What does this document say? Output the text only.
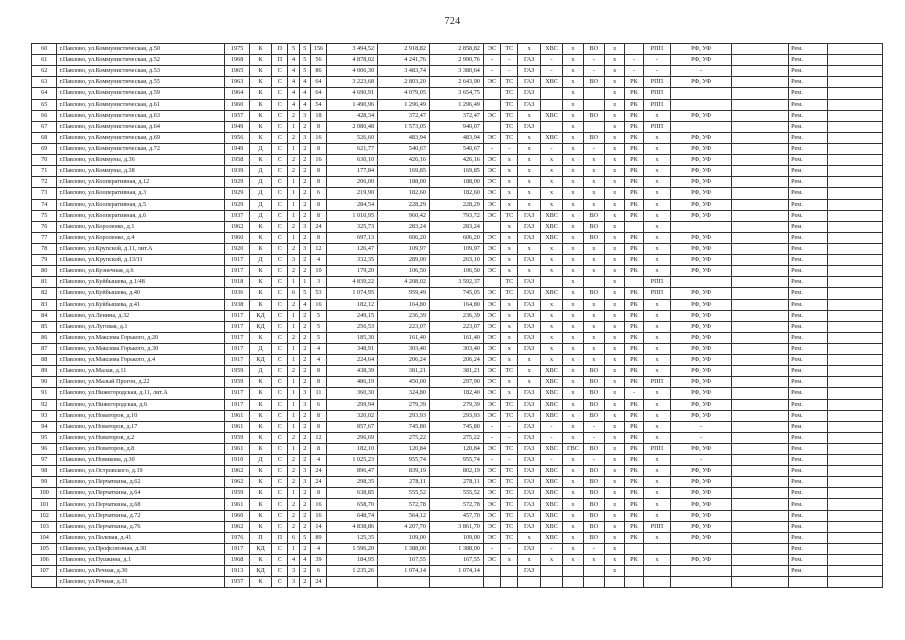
724
60	г.Павлово, ул.Коммунистическая, д.50	1975	К	П	5	5	156	3 494,52	2 918,82	2 858,82	ЭС	ТС	х	ХВС	х	ВО	х		РПП	РФ, УФ		Рем.	
61	г.Павлово, ул.Коммунистическая, д.52	1968	К	П	4	5	56	4 878,02	4 241,76	2 990,76	-	-	ГАЗ	-	х	-	х	-	-	РФ, УФ		Рем.	
62	г.Павлово, ул.Коммунистическая, д.53	1965	К	С	4	5	86	4 006,30	3 483,74	3 380,64	-	-	ГАЗ	-	х	-	х	-	-	-		Рем.	
63	г.Павлово, ул.Коммунистическая, д.55	1963	К	С	4	4	64	3 223,68	2 803,20	2 643,90	ЭС	ТС	ГАЗ	ХВС	х	ВО	х	РК	РПП	РФ, УФ		Рем.	
64	г.Павлово, ул.Коммунистическая, д.59	1964	К	С	4	4	64	4 690,91	4 079,05	3 654,75		ТС	ГАЗ		х		х	РК	РПП			Рем.	
65	г.Павлово, ул.Коммунистическая, д.61	1960	К	С	4	4	54	1 490,96	1 296,49	1 296,49		ТС	ГАЗ		х		х	РК	РПП			Рем.	
66	г.Павлово, ул.Коммунистическая, д.63	1957	К	С	2	3	18	428,34	372,47	372,47	ЭС	ТС	х	ХВС	х	ВО	х	РК	х	РФ, УФ		Рем.	
67	г.Павлово, ул.Коммунистическая, д.64	1949	К	С	1	2	8	2 080,48	1 573,05	940,07		ТС	ГАЗ		х		х	РК	РПП			Рем.	
68	г.Павлово, ул.Коммунистическая, д.69	1956	К	С	2	3	16	526,60	483,94	483,94	ЭС	ТС	х	ХВС	х	ВО	х	РК	х	РФ, УФ		Рем.	
69	г.Павлово, ул.Коммунистическая, д.72	1949	Д	С	1	2	8	621,77	540,67	540,67	-	-	х	-	х	-	х	РК	х	РФ, УФ		Рем.	
70	г.Павлово, ул.Коммуны, д.36	1958	К	С	2	2	16	630,10	426,16	426,16	ЭС	х	х	х	х	х	х	РК	х	РФ, УФ		Рем.	
71	г.Павлово, ул.Коммуны, д.38	1939	Д	С	2	2	8	177,84	169,85	169,85	ЭС	х	х	х	х	х	х	РК	х	РФ, УФ		Рем.	
72	г.Павлово, ул.Кооперативная, д.12	1929	Д	С	1	2	8	206,00	188,00	188,00	ЭС	х	х	х	х	х	х	РК	х	РФ, УФ		Рем.	
73	г.Павлово, ул.Кооперативная, д.3	1929	Д	С	1	2	6	219,90	182,60	182,60	ЭС	х	х	х	х	х	х	РК	х	РФ, УФ		Рем.	
74	г.Павлово, ул.Кооперативная, д.5	1929	Д	С	1	2	8	284,54	228,29	228,29	ЭС	х	х	х	х	х	х	РК	х	РФ, УФ		Рем.	
75	г.Павлово, ул.Кооперативная, д.6	1937	Д	С	1	2	8	1 010,95	960,42	793,72	ЭС	ТС	ГАЗ	ХВС	х	ВО	х	РК	х	РФ, УФ		Рем.	
76	г.Павлово, ул.Короленко, д.1	1962	К	С	2	3	24	325,73	283,24	283,24		х	ГАЗ	ХВС	х	ВО	х		х			Рем.	
77	г.Павлово, ул.Короленко, д.4	1960	К	С	1	2	8	697,13	606,20	606,20	ЭС	х	ГАЗ	ХВС	х	ВО	х	РК	х	РФ, УФ		Рем.	
78	г.Павлово, ул.Крупской, д.11, лит.А	1920	К	С	2	3	12	126,47	109,97	109,97	ЭС	х	х	х	х	х	х	РК	х	РФ, УФ		Рем.	
79	г.Павлово, ул.Крупской, д.13/11	1917	Д	С	3	2	4	332,35	289,00	263,10	ЭС	х	ГАЗ	х	х	х	х	РК	х	РФ, УФ		Рем.	
80	г.Павлово, ул.Кузнечная, д.6	1917	К	С	2	2	10	179,20	106,50	106,50	ЭС	х	х	х	х	х	х	РК	х	РФ, УФ		Рем.	
81	г.Павлово, ул.Куйбышева, д.1/48	1918	К	С	1	1	3	4 839,22	4 208,02	3 592,37		ТС	ГАЗ		х		х		РПП			Рем.	
82	г.Павлово, ул.Куйбышева, д.40	1936	К	С	6	5	53	1 074,95	959,49	745,05	ЭС	ТС	ГАЗ	ХВС	х	ВО	х	РК	РПП	РФ, УФ		Рем.	
83	г.Павлово, ул.Куйбышева, д.41	1938	К	С	2	4	16	182,12	164,80	164,80	ЭС	х	ГАЗ	х	х	х	х	РК	х	РФ, УФ		Рем.	
84	г.Павлово, ул.Ленина, д.32	1917	КД	С	1	2	5	249,15	236,39	236,39	ЭС	х	ГАЗ	х	х	х	х	РК	х	РФ, УФ		Рем.	
85	г.Павлово, ул.Луговая, д.1	1917	КД	С	1	2	5	256,53	223,07	223,07	ЭС	х	ГАЗ	х	х	х	х	РК	х	РФ, УФ		Рем.	
86	г.Павлово, ул.Максима Горького, д.20	1917	К	С	2	2	5	185,30	161,40	161,40	ЭС	х	ГАЗ	х	х	х	х	РК	х	РФ, УФ		Рем.	
87	г.Павлово, ул.Максима Горького, д.30	1917	Д	С	1	2	4	348,91	303,40	303,40	ЭС	х	ГАЗ	х	х	х	х	РК	х	РФ, УФ		Рем.	
88	г.Павлово, ул.Максима Горького, д.4	1917	КД	С	1	2	4	224,64	206,24	206,24	ЭС	х	х	х	х	х	х	РК	х	РФ, УФ		Рем.	
89	г.Павлово, ул.Малая, д.11	1959	Д	С	2	2	8	438,39	381,21	381,21	ЭС	ТС	х	ХВС	х	ВО	х	РК	х	РФ, УФ		Рем.	
90	г.Павлово, ул.Малый Прогон, д.22	1959	К	С	1	2	8	486,19	450,00	297,90	ЭС	х	х	ХВС	х	ВО	х	РК	РПП	РФ, УФ		Рем.	
91	г.Павлово, ул.Нижегородская, д.11, лит.А	1917	К	С	1	3	11	360,30	324,80	182,40	ЭС	х	ГАЗ	ХВС	х	ВО	х	-	х	РФ, УФ		Рем.	
92	г.Павлово, ул.Нижегородская, д.6	1917	К	С	1	3	6	299,94	279,39	279,39	ЭС	ТС	ГАЗ	ХВС	х	ВО	х	РК	х	РФ, УФ		Рем.	
93	г.Павлово, ул.Новаторов, д.10	1961	К	С	1	2	8	320,02	293,93	293,93	ЭС	ТС	ГАЗ	ХВС	х	ВО	х	РК	х	РФ, УФ		Рем.	
94	г.Павлово, ул.Новаторов, д.17	1961	К	С	1	2	8	857,67	745,80	745,80	-	-	ГАЗ	-	х	-	х	РК	х	-		Рем.	
95	г.Павлово, ул.Новаторов, д.2	1959	К	С	2	2	12	296,69	275,22	275,22	-	-	ГАЗ	-	х	-	х	РК	х	-		Рем.	
96	г.Павлово, ул.Новаторов, д.8	1961	К	С	1	2	8	182,10	120,84	120,84	ЭС	ТС	ГАЗ	ХВС	ГВС	ВО	х	РК	РПП	РФ, УФ		Рем.	
97	г.Павлово, ул.Новикова, д.30	1910	Д	С	2	2	4	1 025,23	955,74	955,74	-	-	ГАЗ	-	х	-	х	РК	х	-		Рем.	
98	г.Павлово, ул.Островского, д.19	1962	К	С	2	3	24	896,47	839,19	802,19	ЭС	ТС	ГАЗ	ХВС	х	ВО	х	РК	х	РФ, УФ		Рем.	
99	г.Павлово, ул.Перчаткина, д.62	1962	К	С	2	3	24	298,35	278,11	278,11	ЭС	ТС	ГАЗ	ХВС	х	ВО	х	РК	х	РФ, УФ		Рем.	
100	г.Павлово, ул.Перчаткина, д.64	1959	К	С	1	2	8	638,85	555,52	555,52	ЭС	ТС	ГАЗ	ХВС	х	ВО	х	РК	х	РФ, УФ		Рем.	
101	г.Павлово, ул.Перчаткина, д.68	1961	К	С	2	2	16	658,70	572,78	572,78	ЭС	ТС	ГАЗ	ХВС	х	ВО	х	РК	х	РФ, УФ		Рем.	
102	г.Павлово, ул.Перчаткина, д.72	1960	К	С	2	2	16	648,74	564,12	457,70	ЭС	ТС	ГАЗ	ХВС	х	ВО	х	РК	х	РФ, УФ		Рем.	
103	г.Павлово, ул.Перчаткина, д.76	1962	К	С	2	2	14	4 838,86	4 207,70	3 861,70	ЭС	ТС	ГАЗ	ХВС	х	ВО	х	РК	РПП	РФ, УФ		Рем.	
104	г.Павлово, ул.Полевая, д.41	1976	П	П	6	5	89	125,35	109,00	109,00	ЭС	ТС	х	ХВС	х	ВО	х	РК	х	РФ, УФ		Рем.	
105	г.Павлово, ул.Профсоюзная, д.30	1917	КД	С	1	2	4	1 596,20	1 388,00	1 388,00	-	-	ГАЗ	-	х	-	х					Рем.	
106	г.Павлово, ул.Пушкина, д.1	1968	К	С	4	4	39	184,95	167,55	167,55	ЭС	х	х	х	х	х	х	РК	х	РФ, УФ		Рем.	
107	г.Павлово, ул.Речная, д.30	1913	КД	С	3	2	6	1 235,26	1 074,14	1 074,14			ГАЗ				х					Рем.	
	г.Павлово, ул.Речная, д.31	1957	К	С	3	2	24																
